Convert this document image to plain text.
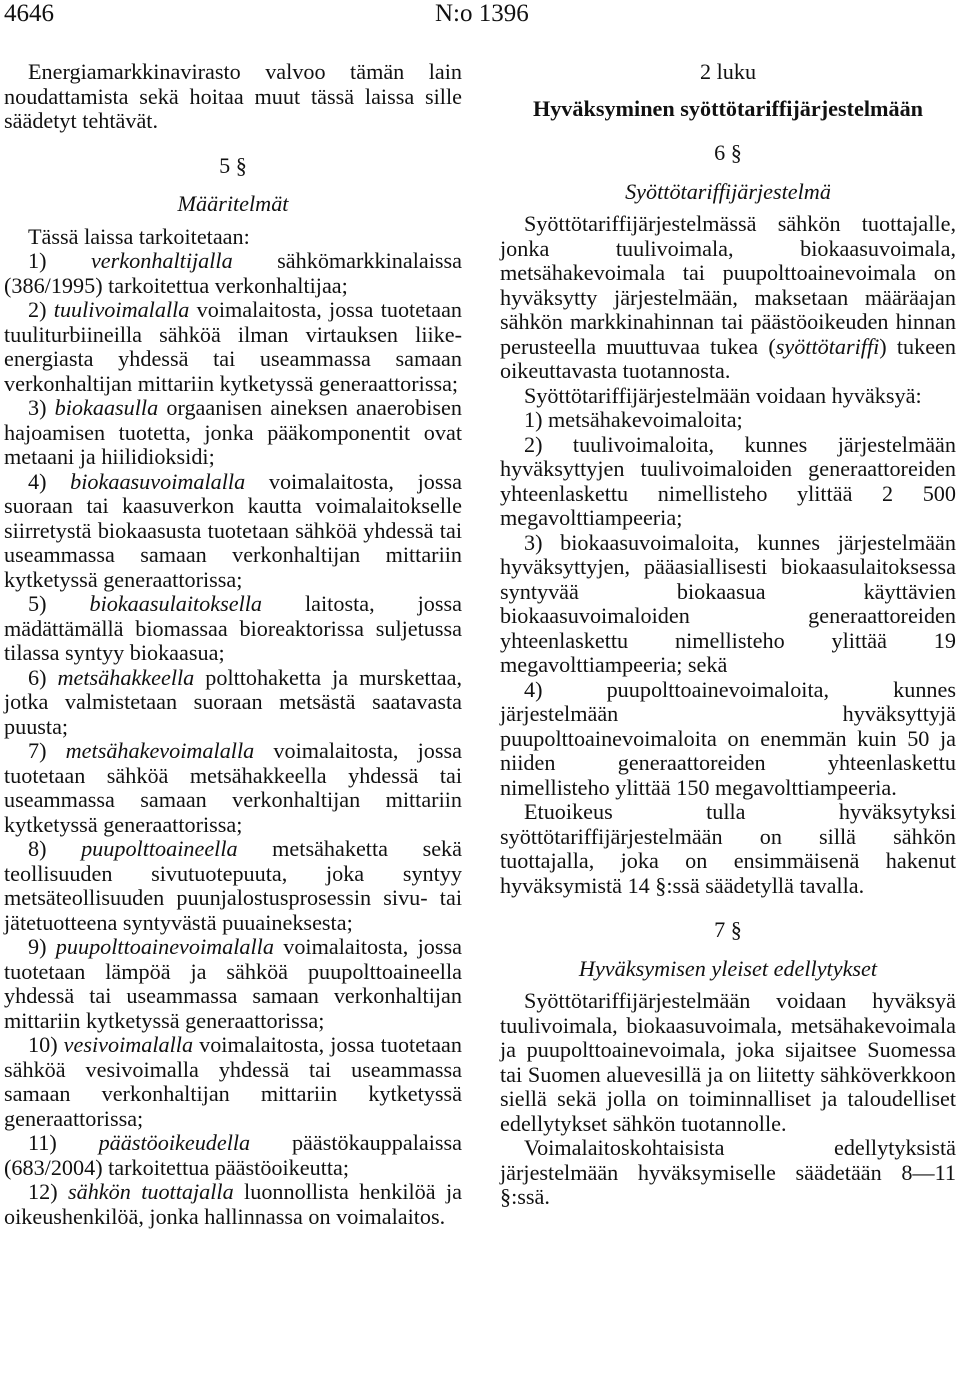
4646	N:o 1396

Energiamarkkinavirasto valvoo tämän lain noudattamista sekä hoitaa muut tässä laissa sille säädetyt tehtävät.

5 §

Määritelmät

Tässä laissa tarkoitetaan:

1) verkonhaltijalla sähkömarkkinalaissa (386/1995) tarkoitettua verkonhaltijaa;

2) tuulivoimalalla voimalaitosta, jossa tuotetaan tuuliturbiineilla sähköä ilman virtauksen liike-energiasta yhdessä tai useammassa samaan verkonhaltijan mittariin kytketyssä generaattorissa;

3) biokaasulla orgaanisen aineksen anaerobisen hajoamisen tuotetta, jonka pääkomponentit ovat metaani ja hiilidioksidi;

4) biokaasuvoimalalla voimalaitosta, jossa suoraan tai kaasuverkon kautta voimalaitokselle siirretystä biokaasusta tuotetaan sähköä yhdessä tai useammassa samaan verkonhaltijan mittariin kytketyssä generaattorissa;

5) biokaasulaitoksella laitosta, jossa mädättämällä biomassaa bioreaktorissa suljetussa tilassa syntyy biokaasua;

6) metsähakkeella polttohaketta ja murskettaa, jotka valmistetaan suoraan metsästä saatavasta puusta;

7) metsähakevoimalalla voimalaitosta, jossa tuotetaan sähköä metsähakkeella yhdessä tai useammassa samaan verkonhaltijan mittariin kytketyssä generaattorissa;

8) puupolttoaineella metsähaketta sekä teollisuuden sivutuotepuuta, joka syntyy metsäteollisuuden puunjalostusprosessin sivu- tai jätetuotteena syntyvästä puuaineksesta;

9) puupolttoainevoimalalla voimalaitosta, jossa tuotetaan lämpöä ja sähköä puupolttoaineella yhdessä tai useammassa samaan verkonhaltijan mittariin kytketyssä generaattorissa;

10) vesivoimalalla voimalaitosta, jossa tuotetaan sähköä vesivoimalla yhdessä tai useammassa samaan verkonhaltijan mittariin kytketyssä generaattorissa;

11) päästöoikeudella päästökauppalaissa (683/2004) tarkoitettua päästöoikeutta;

12) sähkön tuottajalla luonnollista henkilöä ja oikeushenkilöä, jonka hallinnassa on voimalaitos.

2 luku

Hyväksyminen syöttötariffijärjestelmään

6 §

Syöttötariffijärjestelmä

Syöttötariffijärjestelmässä sähkön tuottajalle, jonka tuulivoimala, biokaasuvoimala, metsähakevoimala tai puupolttoainevoimala on hyväksytty järjestelmään, maksetaan määräajan sähkön markkinahinnan tai päästöoikeuden hinnan perusteella muuttuvaa tukea (syöttötariffi) tukeen oikeuttavasta tuotannosta.

Syöttötariffijärjestelmään voidaan hyväksyä:

1) metsähakevoimaloita;

2) tuulivoimaloita, kunnes järjestelmään hyväksyttyjen tuulivoimaloiden generaattoreiden yhteenlaskettu nimellisteho ylittää 2 500 megavolttiampeeria;

3) biokaasuvoimaloita, kunnes järjestelmään hyväksyttyjen, pääasiallisesti biokaasulaitoksessa syntyvää biokaasua käyttävien biokaasuvoimaloiden generaattoreiden yhteenlaskettu nimellisteho ylittää 19 megavolttiampeeria; sekä

4) puupolttoainevoimaloita, kunnes järjestelmään hyväksyttyjä puupolttoainevoimaloita on enemmän kuin 50 ja niiden generaattoreiden yhteenlaskettu nimellisteho ylittää 150 megavolttiampeeria.

Etuoikeus tulla hyväksytyksi syöttötariffijärjestelmään on sillä sähkön tuottajalla, joka on ensimmäisenä hakenut hyväksymistä 14 §:ssä säädetyllä tavalla.

7 §

Hyväksymisen yleiset edellytykset

Syöttötariffijärjestelmään voidaan hyväksyä tuulivoimala, biokaasuvoimala, metsähakevoimala ja puupolttoainevoimala, joka sijaitsee Suomessa tai Suomen aluevesillä ja on liitetty sähköverkkoon siellä sekä jolla on toiminnalliset ja taloudelliset edellytykset sähkön tuotannolle.

Voimalaitoskohtaisista edellytyksistä järjestelmään hyväksymiselle säädetään 8—11 §:ssä.
